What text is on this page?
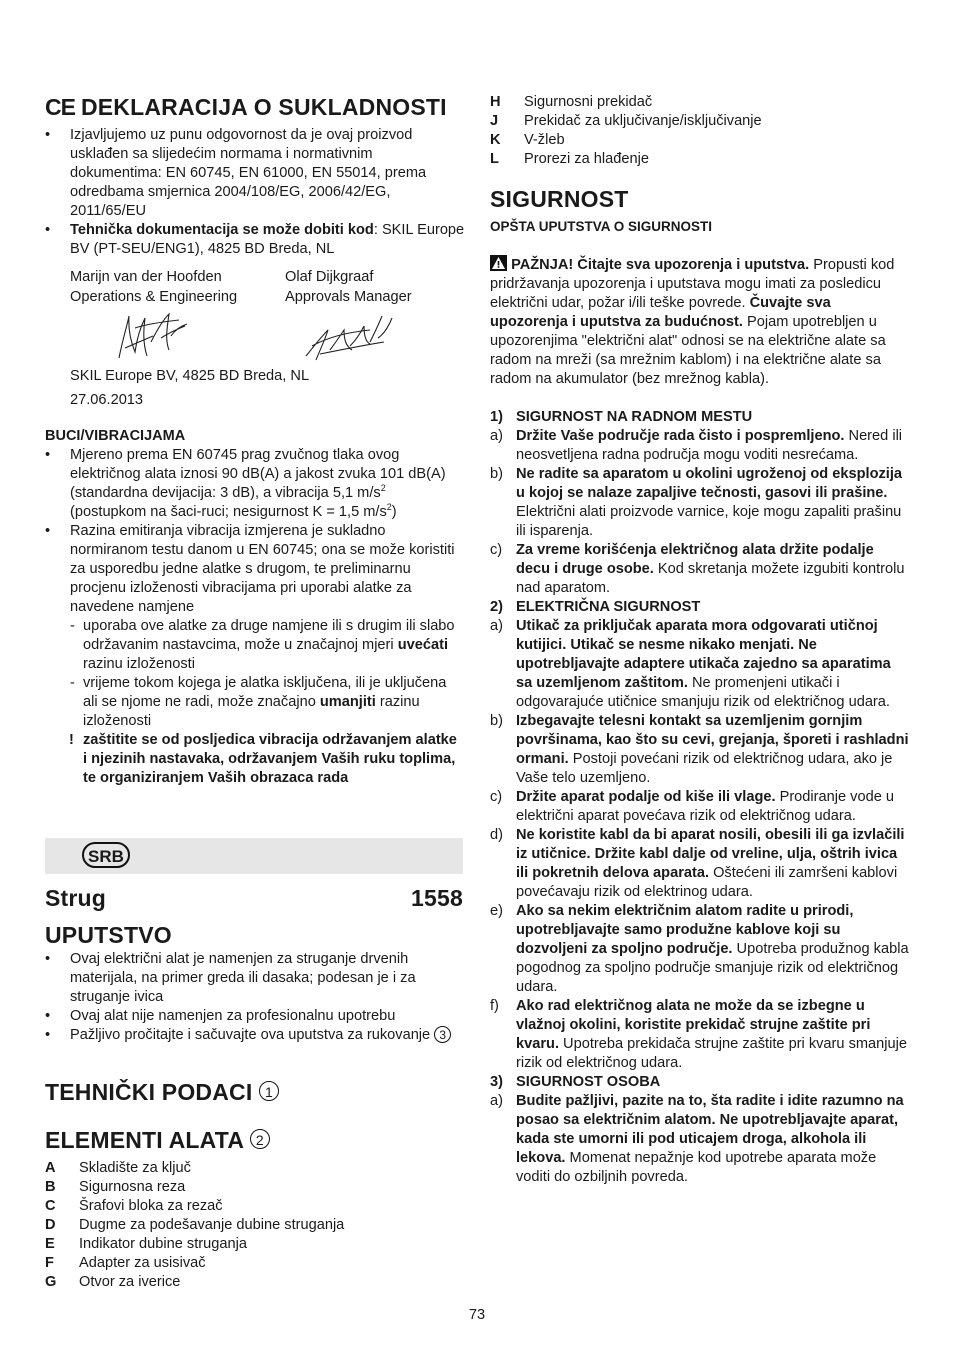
CE DEKLARACIJA O SUKLADNOSTI
• Izjavljujemo uz punu odgovornost da je ovaj proizvod usklađen sa slijedećim normama i normativnim dokumentima: EN 60745, EN 61000, EN 55014, prema odredbama smjernica 2004/108/EG, 2006/42/EG, 2011/65/EU
• Tehnička dokumentacija se može dobiti kod: SKIL Europe BV (PT-SEU/ENG1), 4825 BD Breda, NL
Marijn van der Hoofden
Operations & Engineering
Olaf Dijkgraaf
Approvals Manager
SKIL Europe BV, 4825 BD Breda, NL
27.06.2013
BUCI/VIBRACIJAMA
• Mjereno prema EN 60745 prag zvučnog tlaka ovog električnog alata iznosi 90 dB(A) a jakost zvuka 101 dB(A) (standardna devijacija: 3 dB), a vibracija 5,1 $m/s^2$ (postupkom na šaci-ruci; nesigurnost K = 1,5 $m/s^2$)
• Razina emitiranja vibracija izmjerena je sukladno normiranom testu danom u EN 60745; ona se može koristiti za usporedbu jedne alatke s drugom, te preliminarnu procjenu izloženosti vibracijama pri uporabi alatke za navedene namjene
- uporaba ove alatke za druge namjene ili s drugim ili slabo održavanim nastavcima, može u značajnoj mjeri uvećati razinu izloženosti
- vrijeme tokom kojega je alatka isključena, ili je uključena ali se njome ne radi, može značajno umanjiti razinu izloženosti
! zaštitite se od posljedica vibracija održavanjem alatke i njezinih nastavaka, održavanjem Vaših ruku toplima, te organiziranjem Vaših obrazaca rada
SRB
Strug	1558
UPUTSTVO
• Ovaj električni alat je namenjen za struganje drvenih materijala, na primer greda ili dasaka; podesan je i za struganje ivica
• Ovaj alat nije namenjen za profesionalnu upotrebu
• Pažljivo pročitajte i sačuvajte ova uputstva za rukovanje 3
TEHNIČKI PODACI 1
ELEMENTI ALATA 2
A	Skladište za ključ
B	Sigurnosna reza
C	Šrafovi bloka za rezač
D	Dugme za podešavanje dubine struganja
E	Indikator dubine struganja
F	Adapter za usisivač
G	Otvor za iverice
H	Sigurnosni prekidač
J	Prekidač za uključivanje/isključivanje
K	V-žleb
L	Prorezi za hlađenje
SIGURNOST
OPŠTA UPUTSTVA O SIGURNOSTI
PAŽNJA! Čitajte sva upozorenja i uputstva. Propusti kod pridržavanja upozorenja i uputstava mogu imati za posledicu električni udar, požar i/ili teške povrede. Čuvajte sva upozorenja i uputstva za budućnost. Pojam upotrebljen u upozorenjima "električni alat" odnosi se na električne alate sa radom na mreži (sa mrežnim kablom) i na električne alate sa radom na akumulator (bez mrežnog kabla).
1) SIGURNOST NA RADNOM MESTU
a) Držite Vaše područje rada čisto i pospremljeno. Nered ili neosvetljena radna područja mogu voditi nesrećama.
b) Ne radite sa aparatom u okolini ugroženoj od eksplozija u kojoj se nalaze zapaljive tečnosti, gasovi ili prašine. Električni alati proizvode varnice, koje mogu zapaliti prašinu ili isparenja.
c) Za vreme korišćenja električnog alata držite podalje decu i druge osobe. Kod skretanja možete izgubiti kontrolu nad aparatom.
2) ELEKTRIČNA SIGURNOST
a) Utikač za priključak aparata mora odgovarati utičnoj kutijici. Utikač se nesme nikako menjati. Ne upotrebljavajte adaptere utikača zajedno sa aparatima sa uzemljenom zaštitom. Ne promenjeni utikači i odgovarajuće utičnice smanjuju rizik od električnog udara.
b) Izbegavajte telesni kontakt sa uzemljenim gornjim površinama, kao što su cevi, grejanja, šporeti i rashladni ormani. Postoji povećani rizik od električnog udara, ako je Vaše telo uzemljeno.
c) Držite aparat podalje od kiše ili vlage. Prodiranje vode u električni aparat povećava rizik od električnog udara.
d) Ne koristite kabl da bi aparat nosili, obesili ili ga izvlačili iz utičnice. Držite kabl dalje od vreline, ulja, oštrih ivica ili pokretnih delova aparata. Oštećeni ili zamršeni kablovi povećavaju rizik od elektrinog udara.
e) Ako sa nekim električnim alatom radite u prirodi, upotrebljavajte samo produžne kablove koji su dozvoljeni za spoljno područje. Upotreba produžnog kabla pogodnog za spoljno područje smanjuje rizik od električnog udara.
f)	Ako rad električnog alata ne može da se izbegne u vlažnoj okolini, koristite prekidač strujne zaštite pri kvaru. Upotreba prekidača strujne zaštite pri kvaru smanjuje rizik od električnog udara.
3) SIGURNOST OSOBA
a) Budite pažljivi, pazite na to, šta radite i idite razumno na posao sa električnim alatom. Ne upotrebljavajte aparat, kada ste umorni ili pod uticajem droga, alkohola ili lekova. Momenat nepažnje kod upotrebe aparata može voditi do ozbiljnih povreda.
73
